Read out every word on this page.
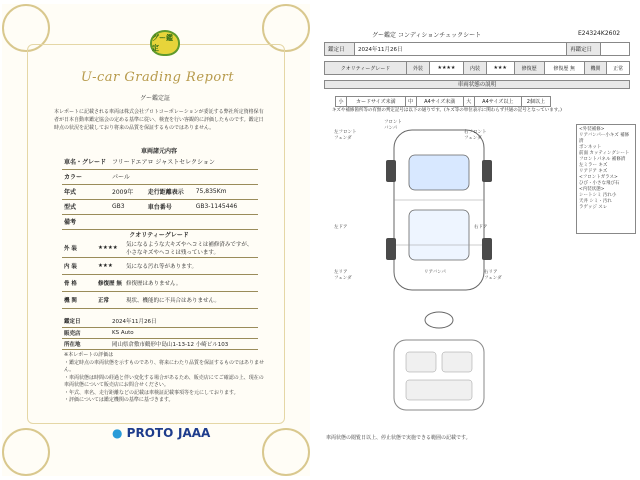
グー鑑定
U-car Grading Report
グー鑑定証
本レポートに記載される車両は株式会社プロトコーポレーションが委託する弊社所定資格保有者が日本自動車鑑定協会の定める基準に従い、検査を行い客観的に評価したものです。鑑定日時点の状況を記載しており将来の品質を保証するものではありません。
車両諸元内容
車名・グレード	フリードエアロ ジャストセレクション		
カラー	パール		
年式	2009年	走行距離表示	75,835Km
型式	GB3	車台番号	GB3-1145446
備考			
クオリティーグレード
外 装	★★★★	気になるような大キズやヘコミは補修済みですが、小さなキズやヘコミは残っています。
内 装	★★★	気になる汚れ等があります。
骨 格	修復歴 無	修復歴はありません。
機 関	正常	現状、機能的に不具合はありません。
鑑定日	2024年11月26日
販売店	KS Auto
所在地	岡山県倉敷市鶴形中島山1-13-12 小崎ビル103
※本レポートの評価は
・鑑定時点の車両状態を示すものであり、将来にわたり品質を保証するものではありません。
・車両状態は時間の経過と伴い変化する場合があるため、販売店にてご確認の上、現在の車両状態について販売店にお問合せください。
・年式、車名、走行距離などの記載は車検証記載事項等を元にしております。
・評価については鑑定機関の基準に基づきます。
● PROTO JAAA
グー鑑定 コンディションチェックシート	E24324K2602
鑑定日	2024年11月26日	再鑑定日	
クオリティーグレード	外装	★★★★	内装	★★★	修復歴	修復歴 無	機関	正常
車両状態の説明
小	カードサイズ未満	中	A4サイズ未満	大	A4サイズ以上	2個以上
キズや補修箇所等の有無の判定記号は以下の通りです。(キズ等の単位表示に関わらず共通の記号となっています。)
<外装補修>
リアバンパー小キズ 補修済
ボンネット
前面 カッティングシート
フロントパネル 補修済
左ミラー キズ
リアドア キズ
<フロントガラス>
ひび・小さな飛び石
<内装状態>
シートシミ 汚れ小
天井 シミ・汚れ
ラゲッジ スレ
左フロント
フェンダ
フロント
バンパ
右フロント
フェンダ
左ドア	右ドア
リアバンパ
左リア
フェンダ
右リア
フェンダ
車両状態の閲覧日以上、停止状態で実施できる範囲の記載です。
